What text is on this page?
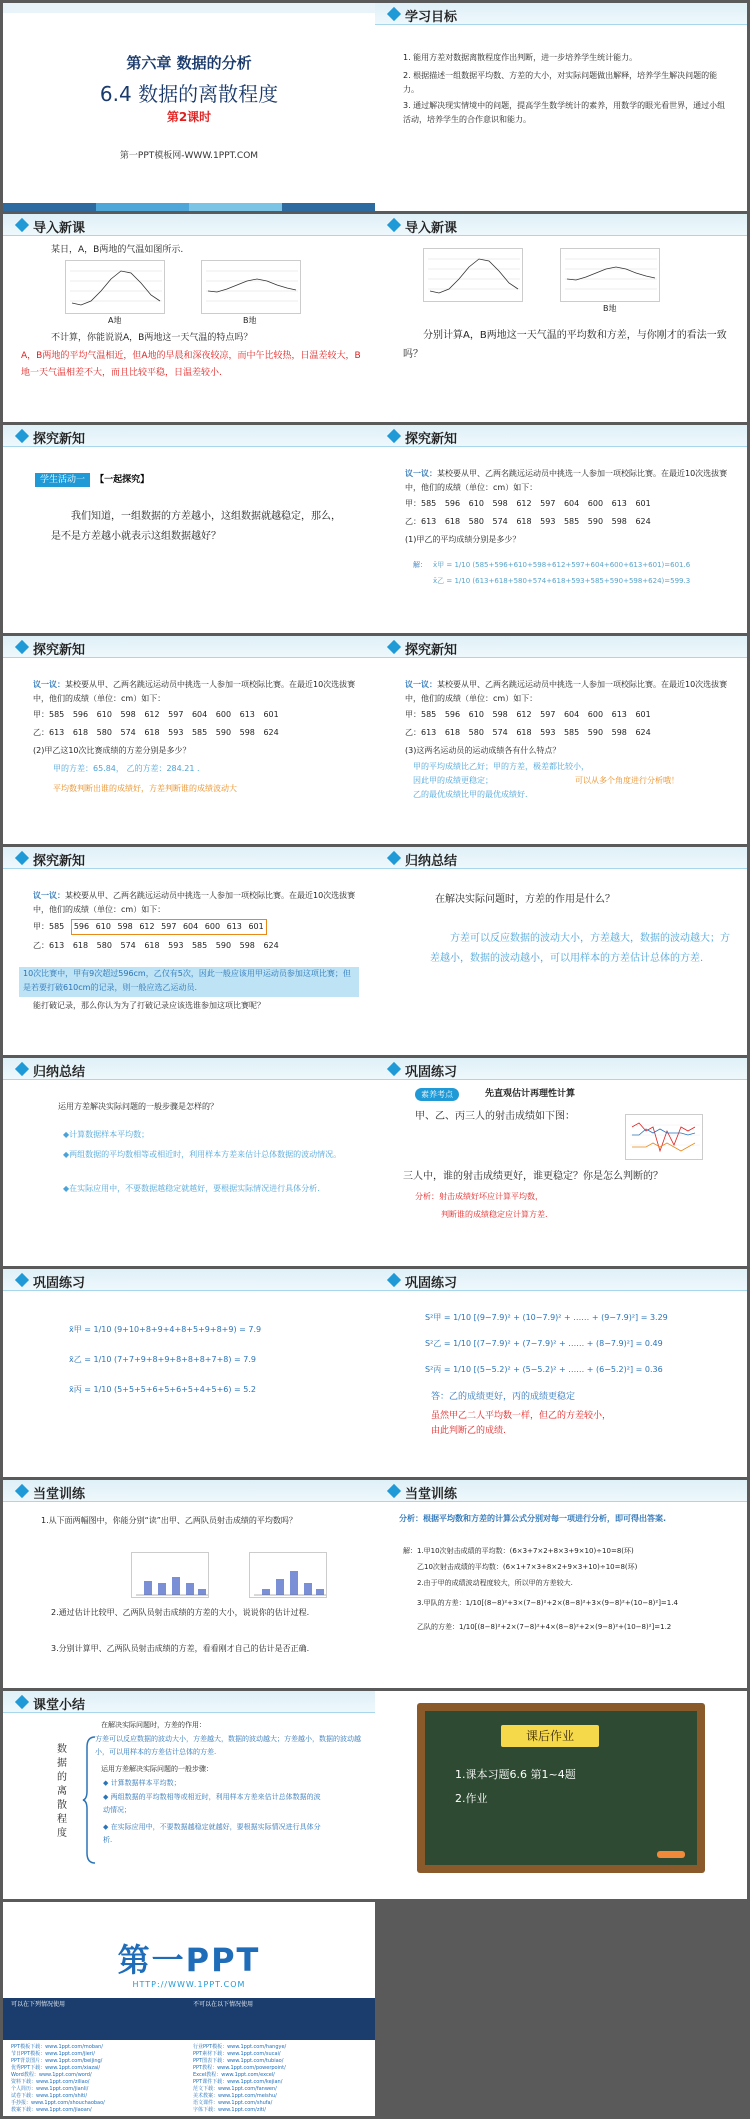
第六章 数据的分析
6.4 数据的离散程度
第2课时
第一PPT模板网-WWW.1PPT.COM
学习目标
1. 能用方差对数据离散程度作出判断，进一步培养学生统计能力。
2. 根据描述一组数据平均数、方差的大小，对实际问题做出解释，培养学生解决问题的能力。
3. 通过解决现实情境中的问题，提高学生数学统计的素养，用数学的眼光看世界，通过小组活动，培养学生的合作意识和能力。
导入新课
某日，A，B两地的气温如图所示.
A地	B地
不计算，你能说说A，B两地这一天气温的特点吗？
A，B两地的平均气温相近，但A地的早晨和深夜较凉，而中午比较热，日温差较大，B地一天气温相差不大，而且比较平稳，日温差较小.
导入新课
B地
分别计算A，B两地这一天气温的平均数和方差，与你刚才的看法一致吗？
探究新知
学生活动一 【一起探究】
我们知道，一组数据的方差越小，这组数据就越稳定，那么，是不是方差越小就表示这组数据越好？
探究新知
议一议：某校要从甲、乙两名跳远运动员中挑选一人参加一项校际比赛。在最近10次选拔赛中，他们的成绩（单位：cm）如下：
甲：585 596 610 598 612 597 604 600 613 601
乙：613 618 580 574 618 593 585 590 598 624
(1)甲乙的平均成绩分别是多少？
解： x̄甲 = 1/10 (585+596+610+598+612+597+604+600+613+601)=601.6
x̄乙 = 1/10 (613+618+580+574+618+593+585+590+598+624)=599.3
探究新知
议一议：某校要从甲、乙两名跳远运动员中挑选一人参加一项校际比赛。在最近10次选拔赛中，他们的成绩（单位：cm）如下：
甲：585 596 610 598 612 597 604 600 613 601
乙：613 618 580 574 618 593 585 590 598 624
(2)甲乙这10次比赛成绩的方差分别是多少？
甲的方差：65.84， 乙的方差：284.21 .
平均数判断出谁的成绩好，方差判断谁的成绩波动大
探究新知
议一议：某校要从甲、乙两名跳远运动员中挑选一人参加一项校际比赛。在最近10次选拔赛中，他们的成绩（单位：cm）如下：
甲：585 596 610 598 612 597 604 600 613 601
乙：613 618 580 574 618 593 585 590 598 624
(3)这两名运动员的运动成绩各有什么特点？
甲的平均成绩比乙好；甲的方差，极差都比较小，
因此甲的成绩更稳定；	可以从多个角度进行分析哦！
乙的最优成绩比甲的最优成绩好.
探究新知
议一议：某校要从甲、乙两名跳远运动员中挑选一人参加一项校际比赛。在最近10次选拔赛中，他们的成绩（单位：cm）如下：
甲：585 596 610 598 612 597 604 600 613 601
乙：613 618 580 574 618 593 585 590 598 624
10次比赛中，甲有9次超过596cm，乙仅有5次，因此一般应该用甲运动员参加这项比赛；但是若要打破610cm的记录，则一般应选乙运动员.
能打破记录，那么你认为为了打破记录应该选谁参加这项比赛呢？
归纳总结
在解决实际问题时，方差的作用是什么？
方差可以反应数据的波动大小，方差越大，数据的波动越大；方差越小，数据的波动越小，可以用样本的方差估计总体的方差.
归纳总结
运用方差解决实际问题的一般步骤是怎样的？
◆计算数据样本平均数；
◆两组数据的平均数相等或相近时，利用样本方差来估计总体数据的波动情况。
◆在实际应用中，不要数据越稳定就越好，要根据实际情况进行具体分析.
巩固练习
素养考点	先直观估计再理性计算
甲、乙、丙三人的射击成绩如下图：
三人中，谁的射击成绩更好，谁更稳定？你是怎么判断的？
分析：射击成绩好坏应计算平均数，
判断谁的成绩稳定应计算方差.
巩固练习
x̄甲 = 1/10 (9+10+8+9+4+8+5+9+8+9) = 7.9
x̄乙 = 1/10 (7+7+9+8+9+8+8+8+7+8) = 7.9
x̄丙 = 1/10 (5+5+5+6+5+6+5+4+5+6) = 5.2
巩固练习
S²甲 = 1/10 [(9−7.9)² + (10−7.9)² + …… + (9−7.9)²] = 3.29
S²乙 = 1/10 [(7−7.9)² + (7−7.9)² + …… + (8−7.9)²] = 0.49
S²丙 = 1/10 [(5−5.2)² + (5−5.2)² + …… + (6−5.2)²] = 0.36
答：乙的成绩更好，丙的成绩更稳定
虽然甲乙二人平均数一样，但乙的方差较小，
由此判断乙的成绩.
当堂训练
1.从下面两幅图中，你能分别“读”出甲、乙两队员射击成绩的平均数吗？
2.通过估计比较甲、乙两队员射击成绩的方差的大小，说说你的估计过程.
3.分别计算甲、乙两队员射击成绩的方差，看看刚才自己的估计是否正确.
当堂训练
分析：根据平均数和方差的计算公式分别对每一项进行分析，即可得出答案.
解：1.甲10次射击成绩的平均数：(6×3+7×2+8×3+9×10)÷10=8(环)
乙10次射击成绩的平均数：(6×1+7×3+8×2+9×3+10)÷10=8(环)
2.由于甲的成绩波动程度较大，所以甲的方差较大.
3.甲队的方差：1/10[(8−8)²+3×(7−8)²+2×(8−8)²+3×(9−8)²+(10−8)²]=1.4
乙队的方差：1/10[(8−8)²+2×(7−8)²+4×(8−8)²+2×(9−8)²+(10−8)²]=1.2
课堂小结
数据的离散程度
在解决实际问题时，方差的作用：
方差可以反应数据的波动大小，方差越大，数据的波动越大；方差越小，数据的波动越小，可以用样本的方差估计总体的方差.
运用方差解决实际问题的一般步骤：
◆ 计算数据样本平均数；
◆ 两组数据的平均数相等或相近时，利用样本方差来估计总体数据的波动情况；
◆ 在实际应用中，不要数据越稳定就越好，要根据实际情况进行具体分析.
课后作业
1.课本习题6.6 第1~4题
2.作业
第一PPT
HTTP://WWW.1PPT.COM
可以在下列情况使用	不可以在以下情况使用
PPT模板下载：www.1ppt.com/moban/
节日PPT模板：www.1ppt.com/jieri/
PPT背景图片：www.1ppt.com/beijing/
优秀PPT下载：www.1ppt.com/xiazai/
Word教程：www.1ppt.com/word/
资料下载：www.1ppt.com/ziliao/
个人简历：www.1ppt.com/jianli/
试卷下载：www.1ppt.com/shiti/
手抄报：www.1ppt.com/shouchaobao/
教案下载：www.1ppt.com/jiaoan/
行业PPT模板：www.1ppt.com/hangye/
PPT素材下载：www.1ppt.com/sucai/
PPT图表下载：www.1ppt.com/tubiao/
PPT教程：www.1ppt.com/powerpoint/
Excel教程：www.1ppt.com/excel/
PPT课件下载：www.1ppt.com/kejian/
范文下载：www.1ppt.com/fanwen/
美术教案：www.1ppt.com/meishu/
语文课件：www.1ppt.com/shufa/
字体下载：www.1ppt.com/ziti/
